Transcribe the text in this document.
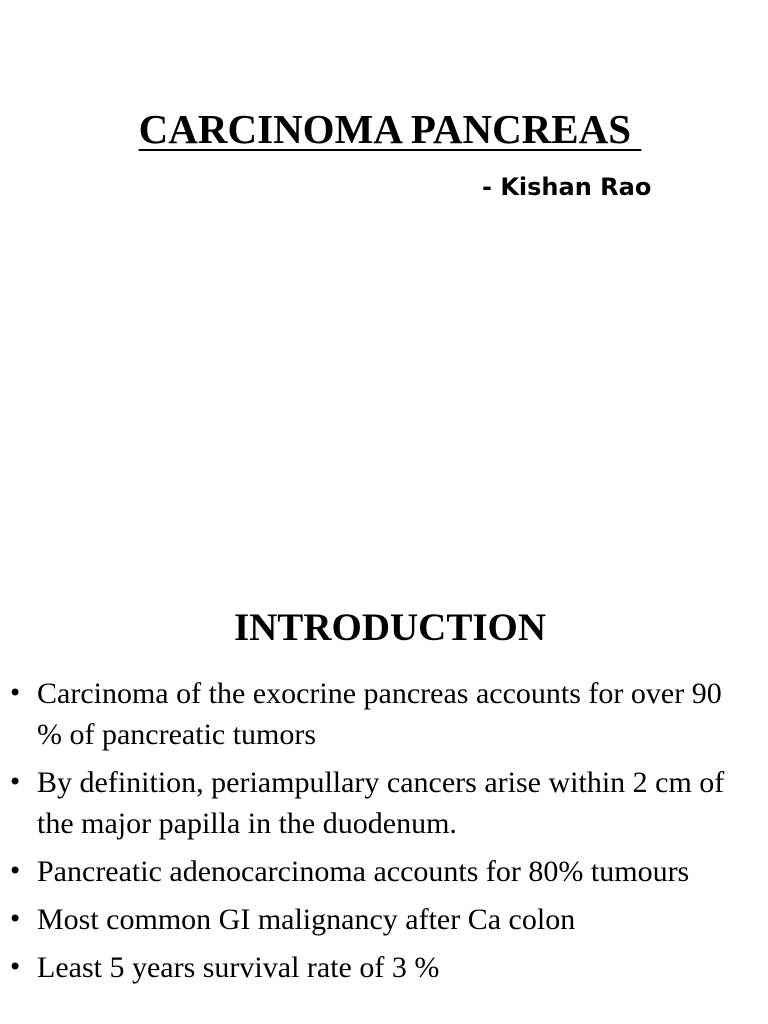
CARCINOMA PANCREAS
- Kishan Rao
INTRODUCTION
• Carcinoma of the exocrine pancreas accounts for over 90 % of pancreatic tumors
• By definition, periampullary cancers arise within 2 cm of the major papilla in the duodenum.
• Pancreatic adenocarcinoma accounts for 80% tumours
• Most common GI malignancy after Ca colon
• Least 5 years survival rate of 3 %
